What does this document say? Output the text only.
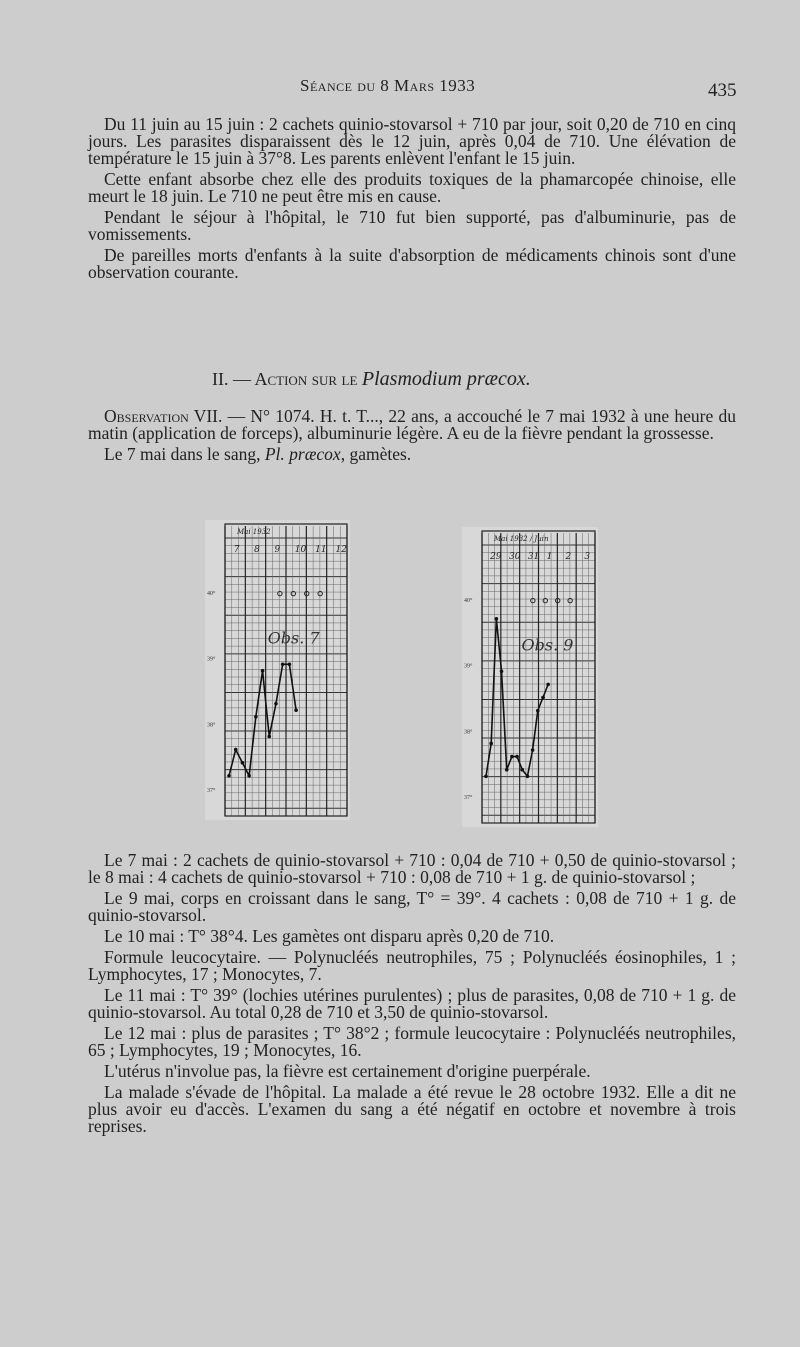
Séance du 8 Mars 1933	435

Du 11 juin au 15 juin : 2 cachets quinio-stovarsol + 710 par jour, soit 0,20 de 710 en cinq jours. Les parasites disparaissent dès le 12 juin, après 0,04 de 710. Une élévation de température le 15 juin à 37°8. Les parents enlèvent l'enfant le 15 juin.

Cette enfant absorbe chez elle des produits toxiques de la phamarcopée chinoise, elle meurt le 18 juin. Le 710 ne peut être mis en cause.

Pendant le séjour à l'hôpital, le 710 fut bien supporté, pas d'albuminurie, pas de vomissements.

De pareilles morts d'enfants à la suite d'absorption de médicaments chinois sont d'une observation courante.

II. — Action sur le Plasmodium præcox.

Observation VII. — N° 1074. H. t. T..., 22 ans, a accouché le 7 mai 1932 à une heure du matin (application de forceps), albuminurie légère. A eu de la fièvre pendant la grossesse.

Le 7 mai dans le sang, Pl. præcox, gamètes.

Mai 1932
7 8 9 10 11 12
37°
38°
39°
40°
Obs. 7
Mai 1932 / Juin
29 30 31 1 2 3
37°
38°
39°
40°
Obs. 9

Le 7 mai : 2 cachets de quinio-stovarsol + 710 : 0,04 de 710 + 0,50 de quinio-stovarsol ; le 8 mai : 4 cachets de quinio-stovarsol + 710 : 0,08 de 710 + 1 g. de quinio-stovarsol ;

Le 9 mai, corps en croissant dans le sang, T° = 39°. 4 cachets : 0,08 de 710 + 1 g. de quinio-stovarsol.

Le 10 mai : T° 38°4. Les gamètes ont disparu après 0,20 de 710.

Formule leucocytaire. — Polynucléés neutrophiles, 75 ; Polynucléés éosinophiles, 1 ; Lymphocytes, 17 ; Monocytes, 7.

Le 11 mai : T° 39° (lochies utérines purulentes) ; plus de parasites, 0,08 de 710 + 1 g. de quinio-stovarsol. Au total 0,28 de 710 et 3,50 de quinio-stovarsol.

Le 12 mai : plus de parasites ; T° 38°2 ; formule leucocytaire : Polynucléés neutrophiles, 65 ; Lymphocytes, 19 ; Monocytes, 16.

L'utérus n'involue pas, la fièvre est certainement d'origine puerpérale.

La malade s'évade de l'hôpital. La malade a été revue le 28 octobre 1932. Elle a dit ne plus avoir eu d'accès. L'examen du sang a été négatif en octobre et novembre à trois reprises.
